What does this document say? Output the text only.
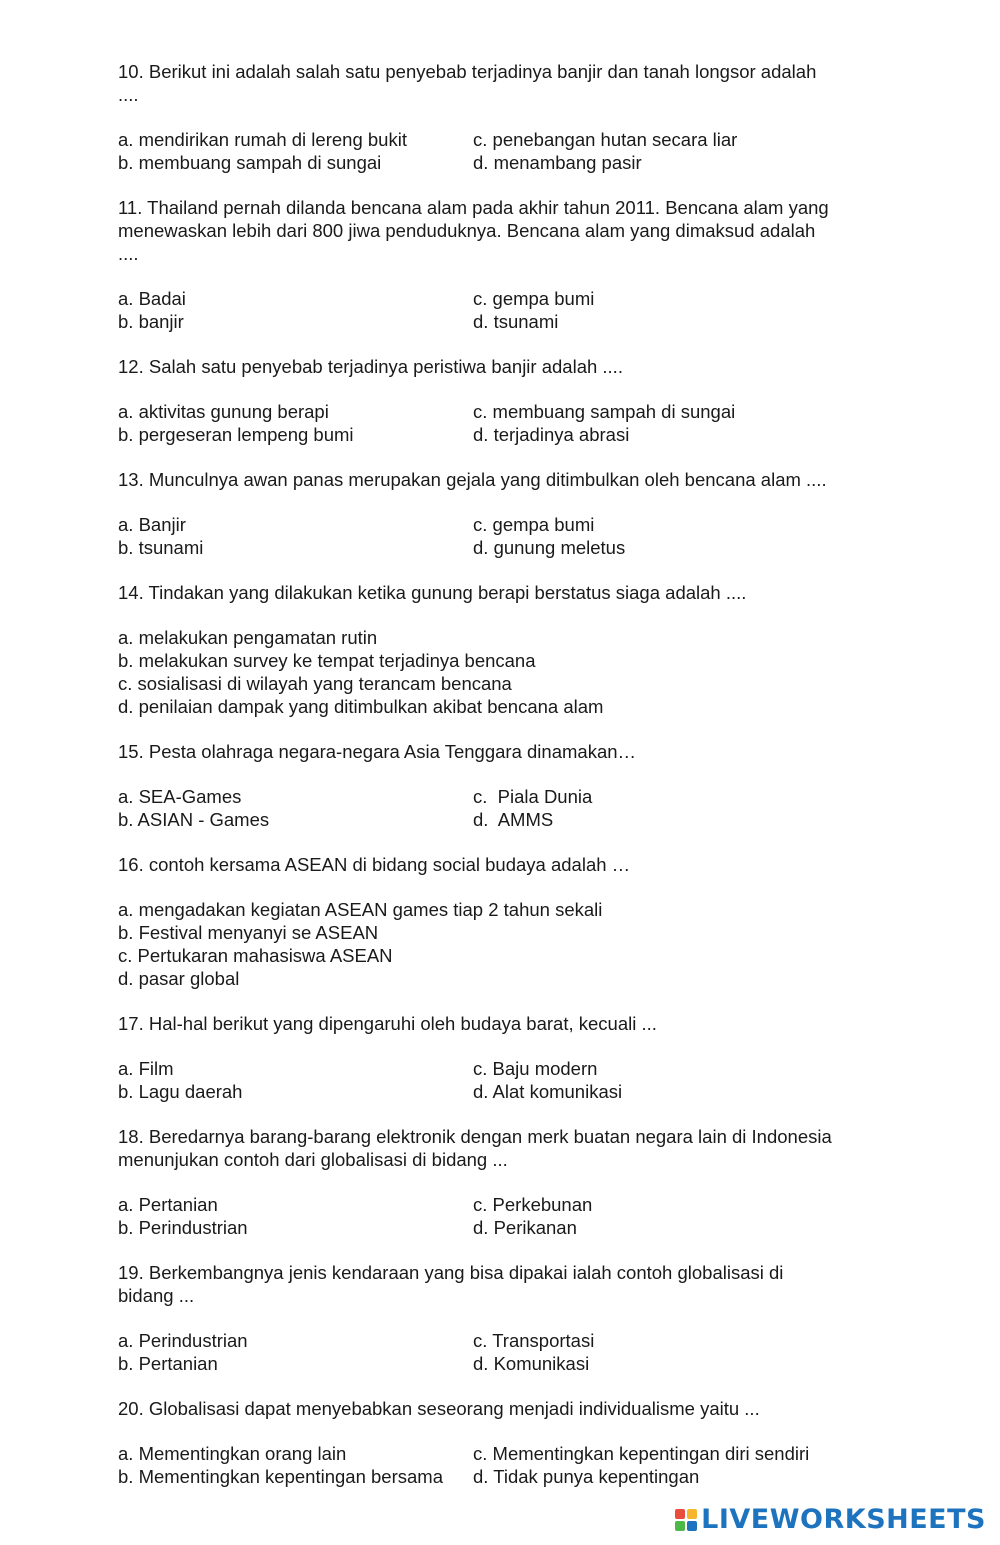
10. Berikut ini adalah salah satu penyebab terjadinya banjir dan tanah longsor adalah
....
a. mendirikan rumah di lereng bukit	c. penebangan hutan secara liar
b. membuang sampah di sungai	d. menambang pasir
11. Thailand pernah dilanda bencana alam pada akhir tahun 2011. Bencana alam yang
menewaskan lebih dari 800 jiwa penduduknya. Bencana alam yang dimaksud adalah
....
a. Badai	c. gempa bumi
b. banjir	d. tsunami
12. Salah satu penyebab terjadinya peristiwa banjir adalah ....
a. aktivitas gunung berapi	c. membuang sampah di sungai
b. pergeseran lempeng bumi	d. terjadinya abrasi
13. Munculnya awan panas merupakan gejala yang ditimbulkan oleh bencana alam ....
a. Banjir	c. gempa bumi
b. tsunami	d. gunung meletus
14. Tindakan yang dilakukan ketika gunung berapi berstatus siaga adalah ....
a. melakukan pengamatan rutin
b. melakukan survey ke tempat terjadinya bencana
c. sosialisasi di wilayah yang terancam bencana
d. penilaian dampak yang ditimbulkan akibat bencana alam
15. Pesta olahraga negara-negara Asia Tenggara dinamakan…
a. SEA-Games	c.  Piala Dunia
b. ASIAN - Games	d.  AMMS
16. contoh kersama ASEAN di bidang social budaya adalah …
a. mengadakan kegiatan ASEAN games tiap 2 tahun sekali
b. Festival menyanyi se ASEAN
c. Pertukaran mahasiswa ASEAN
d. pasar global
17. Hal-hal berikut yang dipengaruhi oleh budaya barat, kecuali ...
a. Film	c. Baju modern
b. Lagu daerah	d. Alat komunikasi
18. Beredarnya barang-barang elektronik dengan merk buatan negara lain di Indonesia
menunjukan contoh dari globalisasi di bidang ...
a. Pertanian	c. Perkebunan
b. Perindustrian	d. Perikanan
19. Berkembangnya jenis kendaraan yang bisa dipakai ialah contoh globalisasi di
bidang ...
a. Perindustrian	c. Transportasi
b. Pertanian	d. Komunikasi
20. Globalisasi dapat menyebabkan seseorang menjadi individualisme yaitu ...
a. Mementingkan orang lain	c. Mementingkan kepentingan diri sendiri
b. Mementingkan kepentingan bersama	d. Tidak punya kepentingan
LIVEWORKSHEETS
